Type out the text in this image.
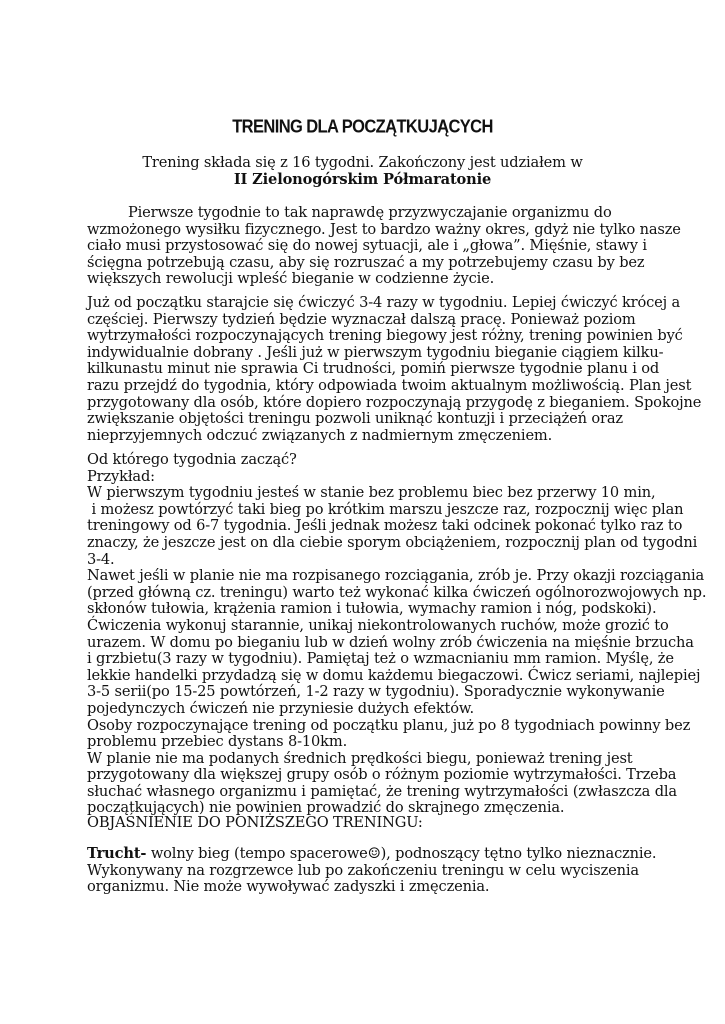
TRENING DLA POCZĄTKUJĄCYCH
Trening składa się z 16 tygodni. Zakończony jest udziałem w
II Zielonogórskim Półmaratonie
Pierwsze tygodnie to tak naprawdę przyzwyczajanie organizmu do
wzmożonego wysiłku fizycznego. Jest to bardzo ważny okres, gdyż nie tylko nasze
ciało musi przystosować się do nowej sytuacji, ale i „głowa”. Mięśnie, stawy i
ścięgna potrzebują czasu, aby się rozruszać a my potrzebujemy czasu by bez
większych rewolucji wpleść bieganie w codzienne życie.
Już od początku starajcie się ćwiczyć 3-4 razy w tygodniu. Lepiej ćwiczyć krócej a
częściej. Pierwszy tydzień będzie wyznaczał dalszą pracę. Ponieważ poziom
wytrzymałości rozpoczynających trening biegowy jest różny, trening powinien być
indywidualnie dobrany . Jeśli już w pierwszym tygodniu bieganie ciągiem kilku-
kilkunastu minut nie sprawia Ci trudności, pomiń pierwsze tygodnie planu i od
razu przejdź do tygodnia, który odpowiada twoim aktualnym możliwością. Plan jest
przygotowany dla osób, które dopiero rozpoczynają przygodę z bieganiem. Spokojne
zwiększanie objętości treningu pozwoli uniknąć kontuzji i przeciążeń oraz
nieprzyjemnych odczuć związanych z nadmiernym zmęczeniem.
Od którego tygodnia zacząć?
Przykład:
W pierwszym tygodniu jesteś w stanie bez problemu biec bez przerwy 10 min,
i możesz powtórzyć taki bieg po krótkim marszu jeszcze raz, rozpocznij więc plan
treningowy od 6-7 tygodnia. Jeśli jednak możesz taki odcinek pokonać tylko raz to
znaczy, że jeszcze jest on dla ciebie sporym obciążeniem, rozpocznij plan od tygodni
3-4.
Nawet jeśli w planie nie ma rozpisanego rozciągania, zrób je. Przy okazji rozciągania
(przed główną cz. treningu) warto też wykonać kilka ćwiczeń ogólnorozwojowych np.
skłonów tułowia, krążenia ramion i tułowia, wymachy ramion i nóg, podskoki).
Ćwiczenia wykonuj starannie, unikaj niekontrolowanych ruchów, może grozić to
urazem. W domu po bieganiu lub w dzień wolny zrób ćwiczenia na mięśnie brzucha
i grzbietu(3 razy w tygodniu). Pamiętaj też o wzmacnianiu mm ramion. Myślę, że
lekkie handelki przydadzą się w domu każdemu biegaczowi. Ćwicz seriami, najlepiej
3-5 serii(po 15-25 powtórzeń, 1-2 razy w tygodniu). Sporadycznie wykonywanie
pojedynczych ćwiczeń nie przyniesie dużych efektów.
Osoby rozpoczynające trening od początku planu, już po 8 tygodniach powinny bez
problemu przebiec dystans 8-10km.
W planie nie ma podanych średnich prędkości biegu, ponieważ trening jest
przygotowany dla większej grupy osób o różnym poziomie wytrzymałości. Trzeba
słuchać własnego organizmu i pamiętać, że trening wytrzymałości (zwłaszcza dla
początkujących) nie powinien prowadzić do skrajnego zmęczenia.
OBJAŚNIENIE DO PONIŻSZEGO TRENINGU:
Trucht- wolny bieg (tempo spacerowe☺), podnoszący tętno tylko nieznacznie.
Wykonywany na rozgrzewce lub po zakończeniu treningu w celu wyciszenia
organizmu. Nie może wywoływać zadyszki i zmęczenia.
